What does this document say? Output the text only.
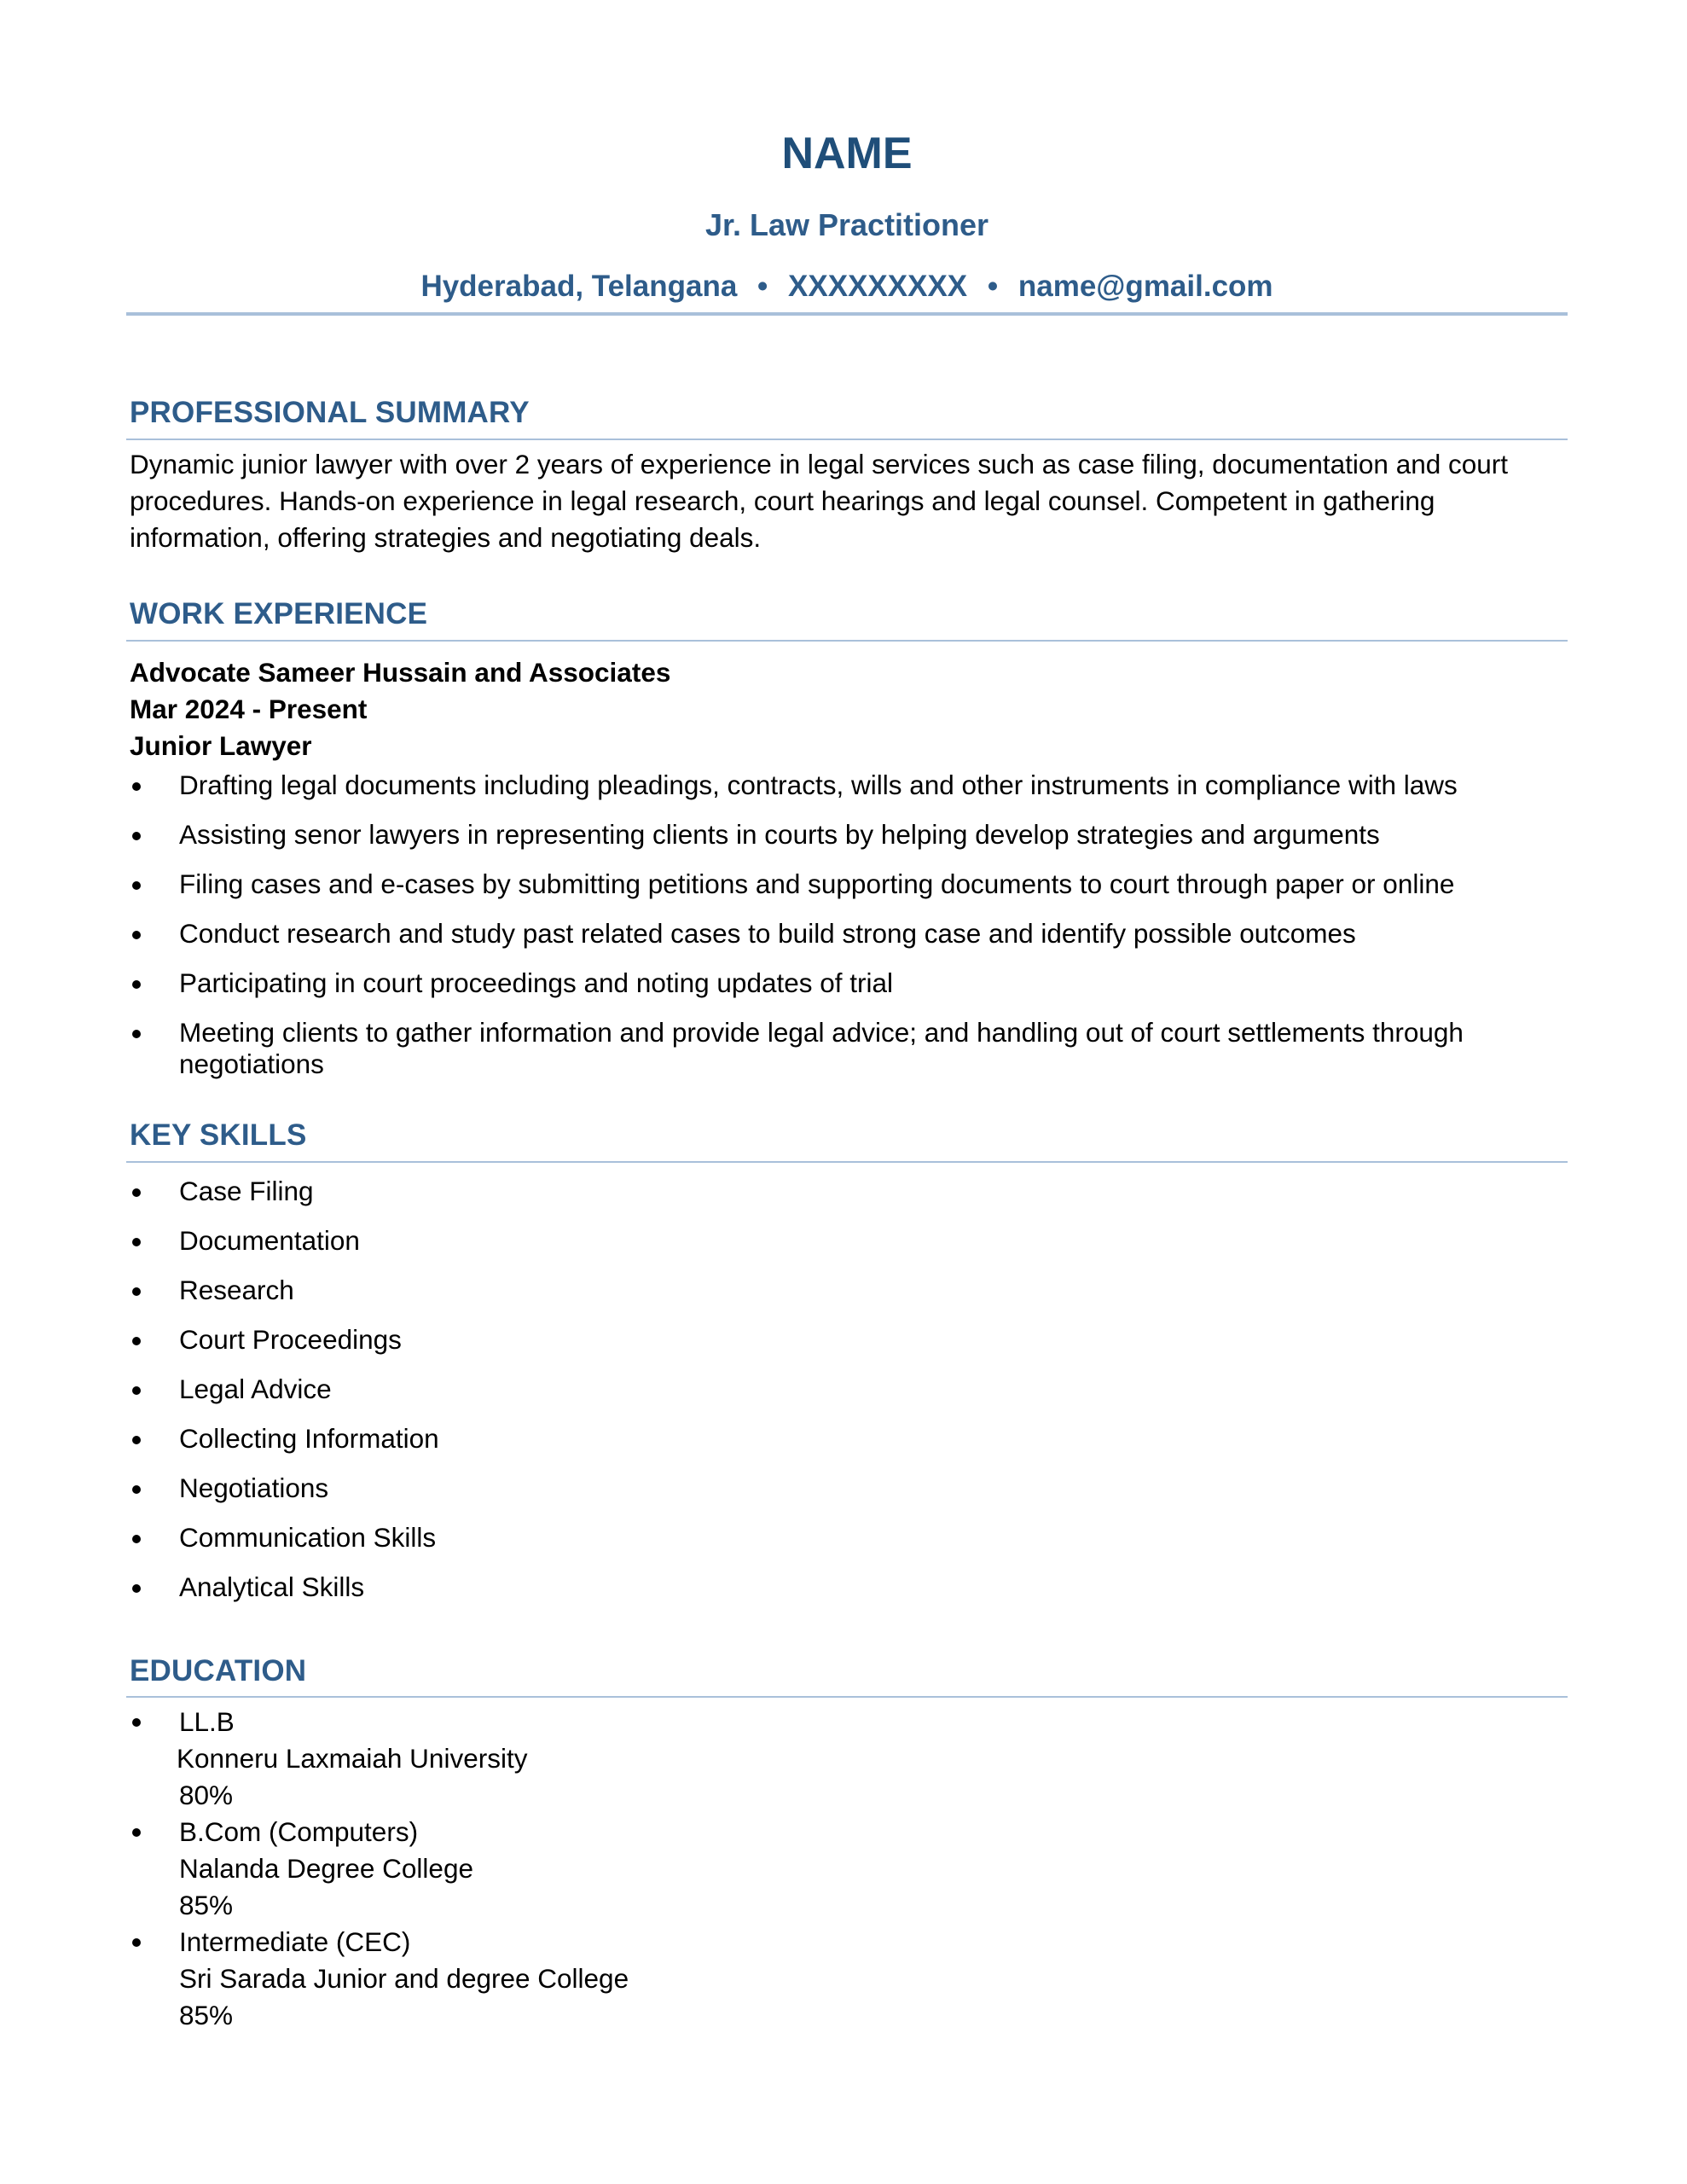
NAME
Jr. Law Practitioner
Hyderabad, Telangana • XXXXXXXXX • name@gmail.com
PROFESSIONAL SUMMARY
Dynamic junior lawyer with over 2 years of experience in legal services such as case filing, documentation and court procedures. Hands-on experience in legal research, court hearings and legal counsel. Competent in gathering information, offering strategies and negotiating deals.
WORK EXPERIENCE
Advocate Sameer Hussain and Associates
Mar 2024 - Present
Junior Lawyer
Drafting legal documents including pleadings, contracts, wills and other instruments in compliance with laws
Assisting senor lawyers in representing clients in courts by helping develop strategies and arguments
Filing cases and e-cases by submitting petitions and supporting documents to court through paper or online
Conduct research and study past related cases to build strong case and identify possible outcomes
Participating in court proceedings and noting updates of trial
Meeting clients to gather information and provide legal advice; and handling out of court settlements through negotiations
KEY SKILLS
Case Filing
Documentation
Research
Court Proceedings
Legal Advice
Collecting Information
Negotiations
Communication Skills
Analytical Skills
EDUCATION
LL.B
Konneru Laxmaiah University
80%
B.Com (Computers)
Nalanda Degree College
85%
Intermediate (CEC)
Sri Sarada Junior and degree College
85%
